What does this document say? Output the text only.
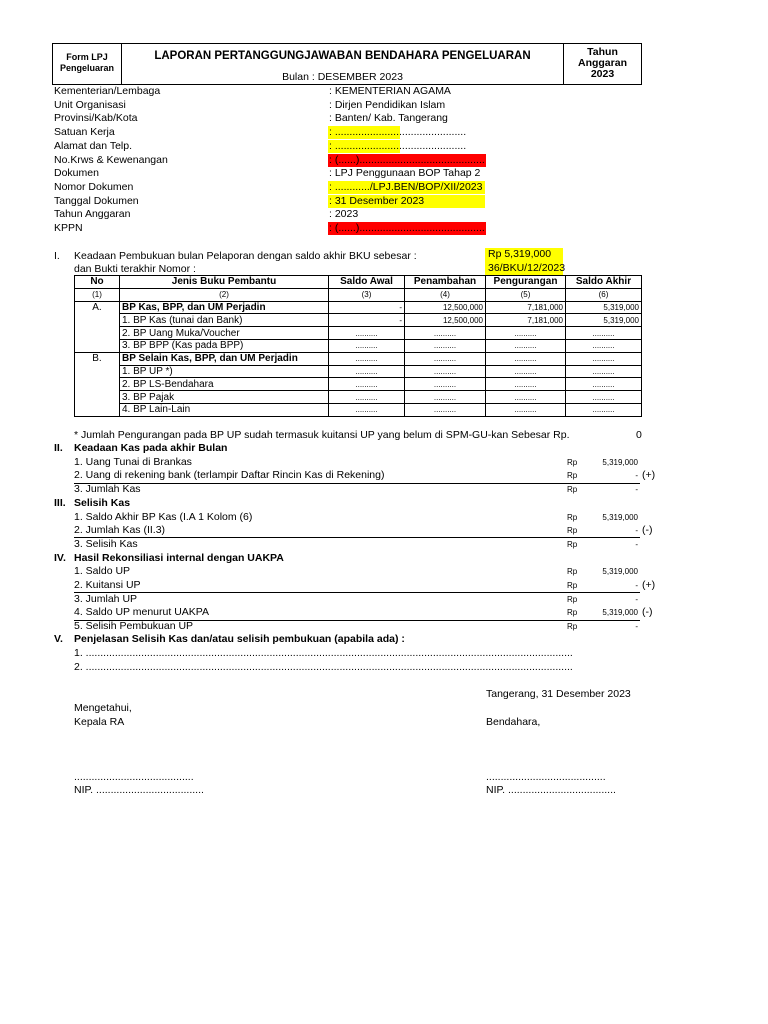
Form LPJ
Pengeluaran
LAPORAN PERTANGGUNGJAWABAN BENDAHARA PENGELUARAN
Bulan : DESEMBER 2023
Tahun
Anggaran
2023
Kementerian/Lembaga	: KEMENTERIAN AGAMA
Unit Organisasi	: Dirjen Pendidikan Islam
Provinsi/Kab/Kota	: Banten/ Kab. Tangerang
Satuan Kerja	: .............................................
Alamat dan Telp.	: .............................................
No.Krws & Kewenangan	: (......)...........................................
Dokumen	: LPJ Penggunaan BOP Tahap 2
Nomor Dokumen	: ............/LPJ.BEN/BOP/XII/2023
Tanggal Dokumen	: 31 Desember 2023
Tahun Anggaran	: 2023
KPPN	: (......)...........................................
I. Keadaan Pembukuan bulan Pelaporan dengan saldo akhir BKU sebesar :
dan Bukti terakhir Nomor :
Rp 5,319,000
36/BKU/12/2023
No	Jenis Buku Pembantu	Saldo Awal	Penambahan	Pengurangan	Saldo Akhir
(1)	(2)	(3)	(4)	(5)	(6)
A.	BP Kas, BPP, dan UM Perjadin	-	12,500,000	7,181,000	5,319,000
	1. BP Kas (tunai dan Bank)	-	12,500,000	7,181,000	5,319,000
	2. BP Uang Muka/Voucher	..........	..........	..........	..........
	3. BP BPP (Kas pada BPP)	..........	..........	..........	..........
B.	BP Selain Kas, BPP, dan UM Perjadin	..........	..........	..........	..........
	1. BP UP *)	..........	..........	..........	..........
	2. BP LS-Bendahara	..........	..........	..........	..........
	3. BP Pajak	..........	..........	..........	..........
	4. BP Lain-Lain	..........	..........	..........	..........
* Jumlah Pengurangan pada BP UP sudah termasuk kuitansi UP yang belum di SPM-GU-kan Sebesar Rp.	0
II. Keadaan Kas pada akhir Bulan
1. Uang Tunai di Brankas	Rp	5,319,000
2. Uang di rekening bank (terlampir Daftar Rincin Kas di Rekening)	Rp	- (+)
3. Jumlah Kas	Rp	-
III. Selisih Kas
1. Saldo Akhir BP Kas (I.A 1 Kolom (6)	Rp	5,319,000
2. Jumlah Kas (II.3)	Rp	- (-)
3. Selisih Kas	Rp	-
IV. Hasil Rekonsiliasi internal dengan UAKPA
1. Saldo UP	Rp	5,319,000
2. Kuitansi UP	Rp	- (+)
3. Jumlah UP	Rp	-
4. Saldo UP menurut UAKPA	Rp	5,319,000 (-)
5. Selisih Pembukuan UP	Rp	-
V. Penjelasan Selisih Kas dan/atau selisih pembukuan (apabila ada) :
1. .......................................................................................................................................................................
2. .......................................................................................................................................................................
Tangerang, 31 Desember 2023
Mengetahui,
Kepala RA	Bendahara,
.........................................
NIP. .....................................
.........................................
NIP. .....................................
